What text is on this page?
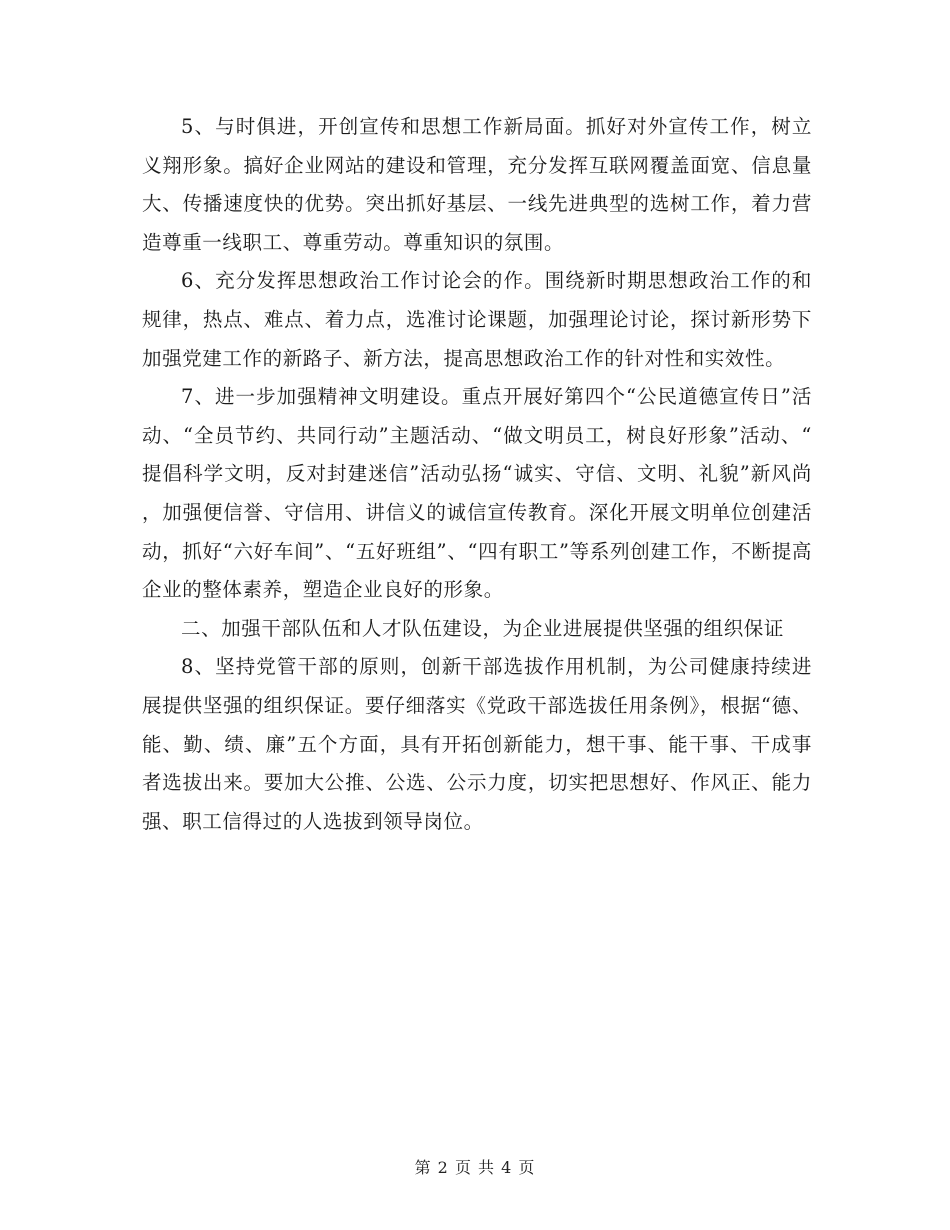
5、与时俱进，开创宣传和思想工作新局面。抓好对外宣传工作，树立义翔形象。搞好企业网站的建设和管理，充分发挥互联网覆盖面宽、信息量大、传播速度快的优势。突出抓好基层、一线先进典型的选树工作，着力营造尊重一线职工、尊重劳动。尊重知识的氛围。

6、充分发挥思想政治工作讨论会的作。围绕新时期思想政治工作的和规律，热点、难点、着力点，选准讨论课题，加强理论讨论，探讨新形势下加强党建工作的新路子、新方法，提高思想政治工作的针对性和实效性。

7、进一步加强精神文明建设。重点开展好第四个“公民道德宣传日”活动、“全员节约、共同行动”主题活动、“做文明员工，树良好形象”活动、“提倡科学文明，反对封建迷信”活动弘扬“诚实、守信、文明、礼貌”新风尚，加强便信誉、守信用、讲信义的诚信宣传教育。深化开展文明单位创建活动，抓好“六好车间”、“五好班组”、“四有职工”等系列创建工作，不断提高企业的整体素养，塑造企业良好的形象。

二、加强干部队伍和人才队伍建设，为企业进展提供坚强的组织保证

8、坚持党管干部的原则，创新干部选拔作用机制，为公司健康持续进展提供坚强的组织保证。要仔细落实《党政干部选拔任用条例》，根据“德、能、勤、绩、廉”五个方面，具有开拓创新能力，想干事、能干事、干成事者选拔出来。要加大公推、公选、公示力度，切实把思想好、作风正、能力强、职工信得过的人选拔到领导岗位。

第 2 页 共 4 页
